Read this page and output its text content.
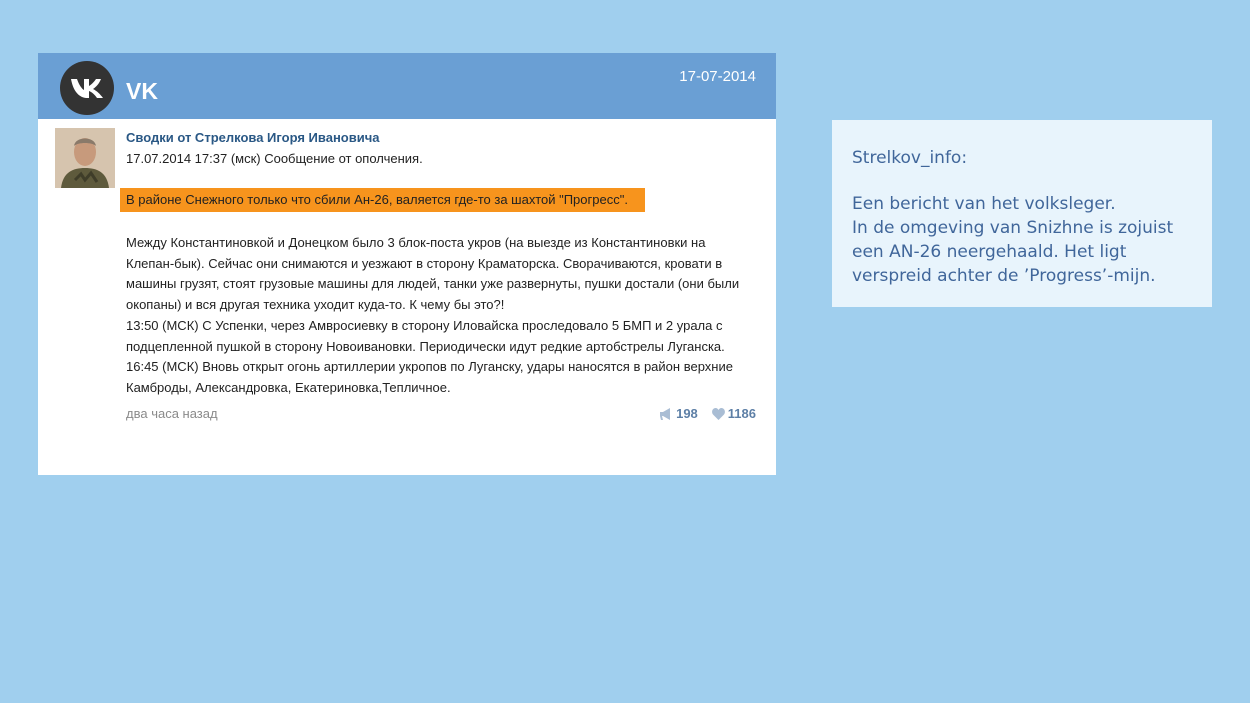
VK
17-07-2014
Сводки от Стрелкова Игоря Ивановича
17.07.2014 17:37 (мск) Сообщение от ополчения.
В районе Снежного только что сбили Ан-26, валяется где-то за шахтой "Прогресс".
Между Константиновкой и Донецком было 3 блок-поста укров (на выезде из Константиновки на
Клепан-бык). Сейчас они снимаются и уезжают в сторону Краматорска. Сворачиваются, кровати в
машины грузят, стоят грузовые машины для людей, танки уже развернуты, пушки достали (они были
окопаны) и вся другая техника уходит куда-то. К чему бы это?!
13:50 (МСК) С Успенки, через Амвросиевку в сторону Иловайска проследовало 5 БМП и 2 урала с
подцепленной пушкой в сторону Новоивановки. Периодически идут редкие артобстрелы Луганска.
16:45 (МСК) Вновь открыт огонь артиллерии укропов по Луганску, удары наносятся в район верхние
Камброды, Александровка, Екатериновка,Тепличное.
два часа назад	198 1186
Strelkov_info:
Een bericht van het volksleger.
In de omgeving van Snizhne is zojuist
een AN-26 neergehaald. Het ligt
verspreid achter de ’Progress’-mijn.
